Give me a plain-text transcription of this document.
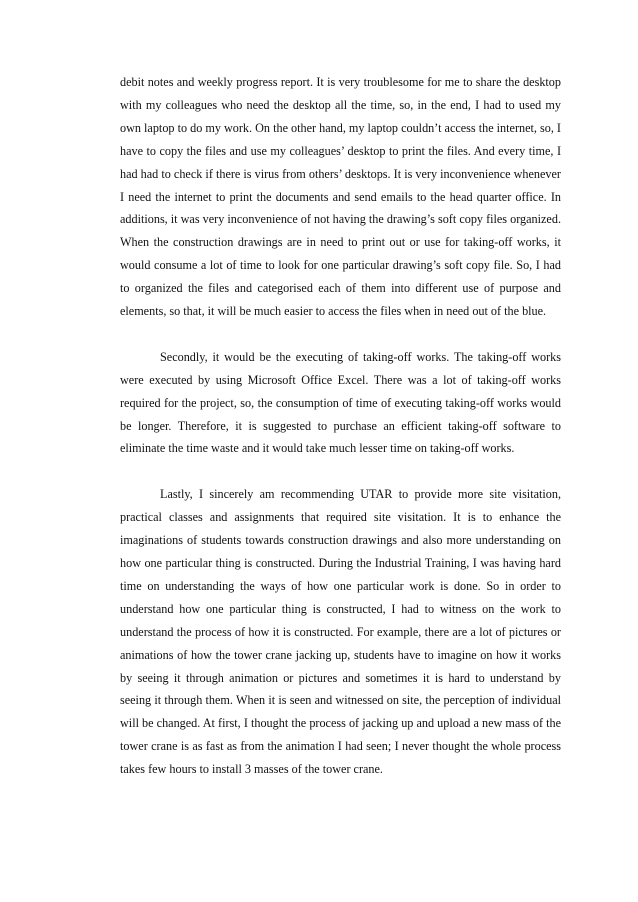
debit notes and weekly progress report. It is very troublesome for me to share the desktop with my colleagues who need the desktop all the time, so, in the end, I had to used my own laptop to do my work. On the other hand, my laptop couldn’t access the internet, so, I have to copy the files and use my colleagues’ desktop to print the files. And every time, I had had to check if there is virus from others’ desktops. It is very inconvenience whenever I need the internet to print the documents and send emails to the head quarter office. In additions, it was very inconvenience of not having the drawing’s soft copy files organized. When the construction drawings are in need to print out or use for taking-off works, it would consume a lot of time to look for one particular drawing’s soft copy file. So, I had to organized the files and categorised each of them into different use of purpose and elements, so that, it will be much easier to access the files when in need out of the blue.

Secondly, it would be the executing of taking-off works. The taking-off works were executed by using Microsoft Office Excel. There was a lot of taking-off works required for the project, so, the consumption of time of executing taking-off works would be longer. Therefore, it is suggested to purchase an efficient taking-off software to eliminate the time waste and it would take much lesser time on taking-off works.

Lastly, I sincerely am recommending UTAR to provide more site visitation, practical classes and assignments that required site visitation. It is to enhance the imaginations of students towards construction drawings and also more understanding on how one particular thing is constructed. During the Industrial Training, I was having hard time on understanding the ways of how one particular work is done. So in order to understand how one particular thing is constructed, I had to witness on the work to understand the process of how it is constructed. For example, there are a lot of pictures or animations of how the tower crane jacking up, students have to imagine on how it works by seeing it through animation or pictures and sometimes it is hard to understand by seeing it through them. When it is seen and witnessed on site, the perception of individual will be changed. At first, I thought the process of jacking up and upload a new mass of the tower crane is as fast as from the animation I had seen; I never thought the whole process takes few hours to install 3 masses of the tower crane.
